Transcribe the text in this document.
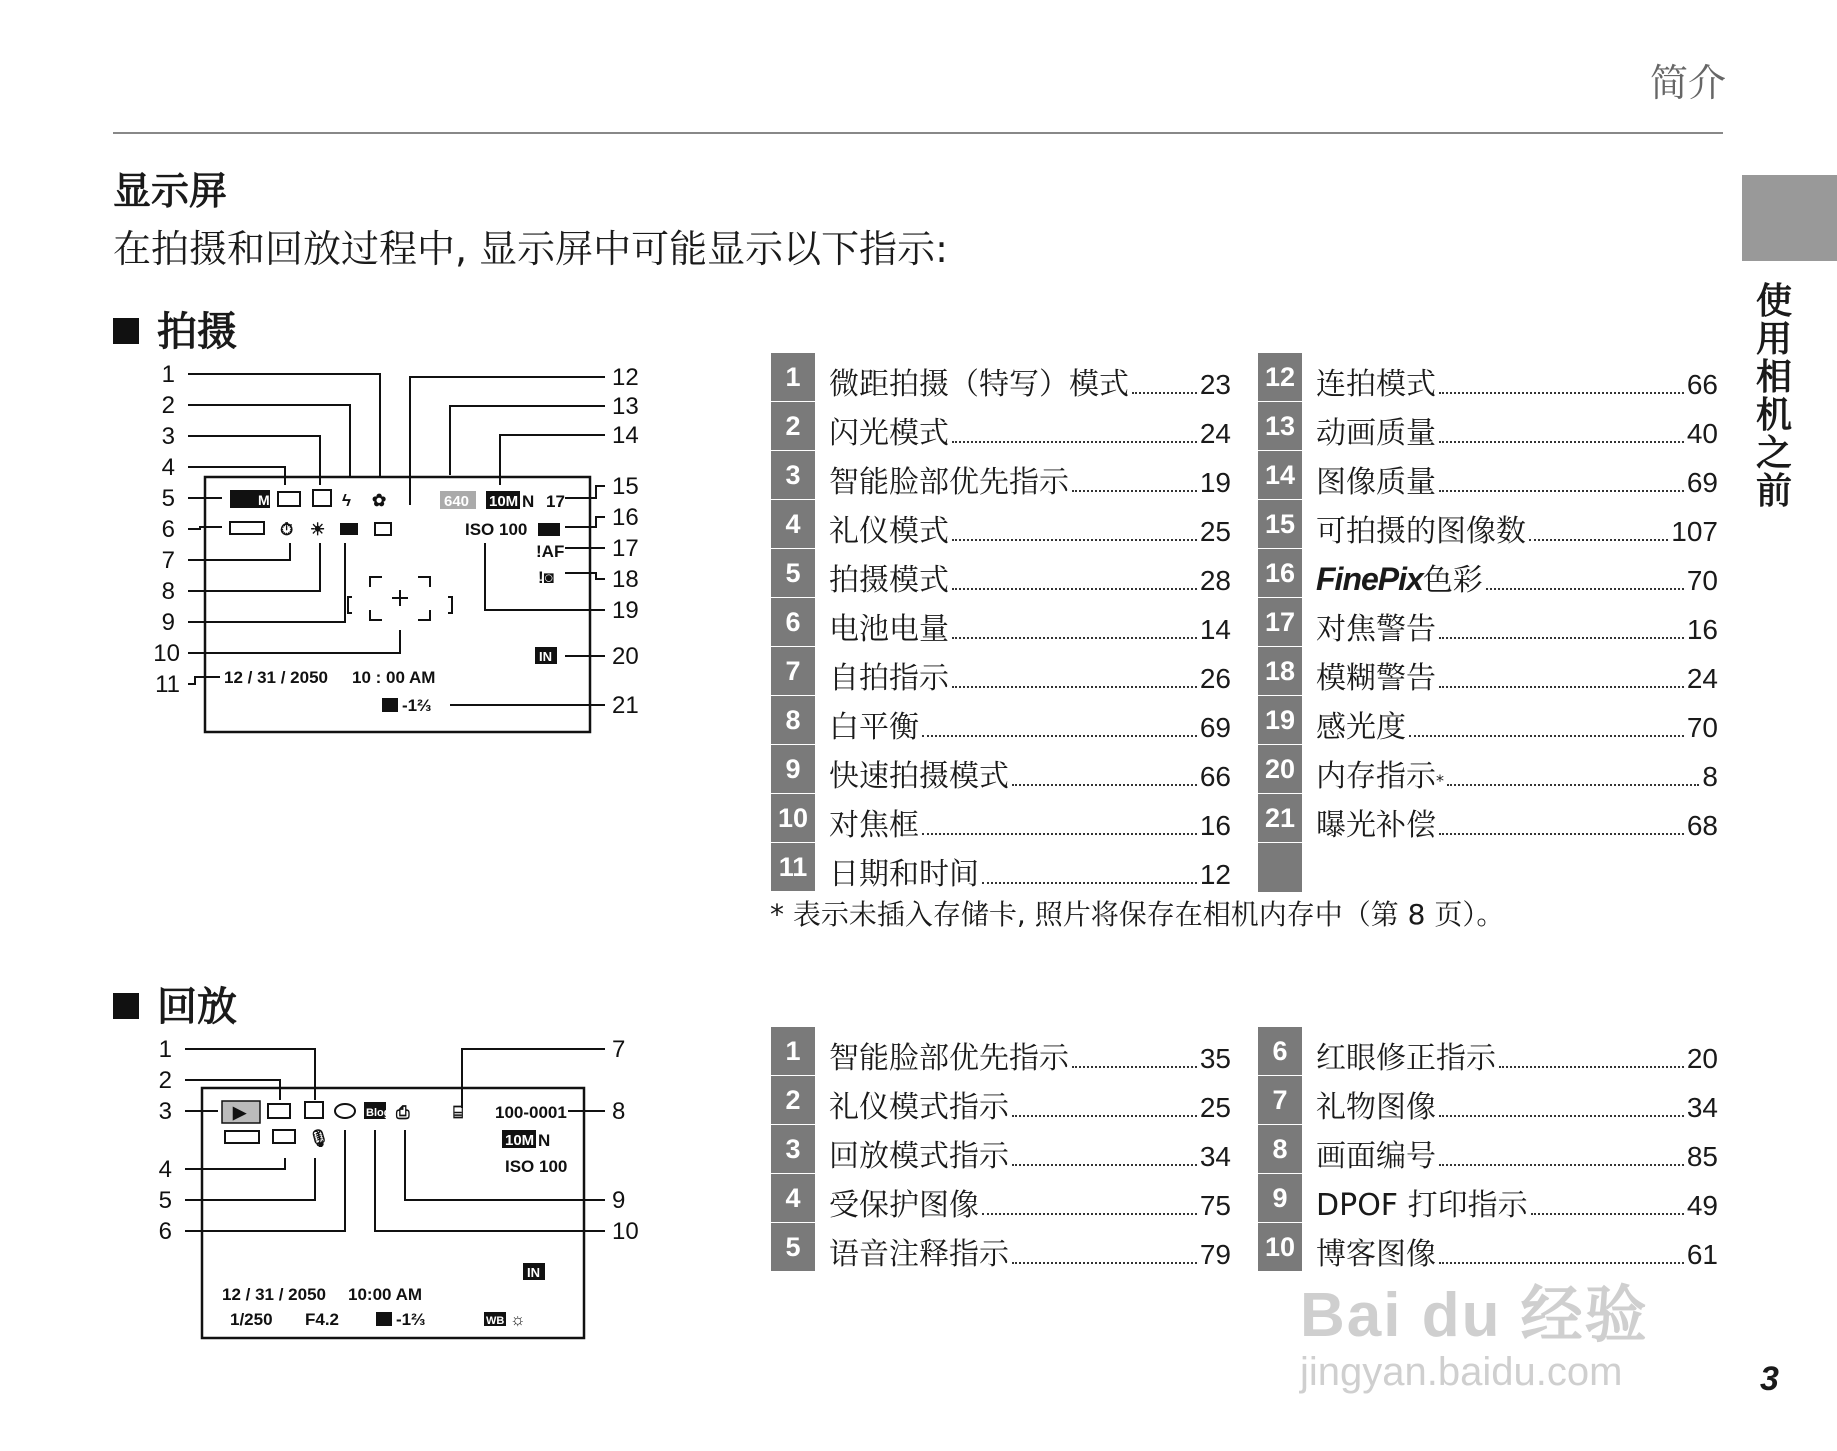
简介
使用相机之前
显示屏
在拍摄和回放过程中, 显示屏中可能显示以下指示:
拍摄
1
2
3
4
5
6
7
8
9
10
11
12
13
14
15
16
17
18
19
20
21
M	ϟ ✿
⏱ ☀
640 10M N 17
ISO 100
!AF
!◙
IN
12 / 31 / 2050 10 : 00 AM
-1⅔
1 微距拍摄（特写）模式	23
2 闪光模式	24
3 智能脸部优先指示	19
4 礼仪模式	25
5 拍摄模式	28
6 电池电量	14
7 自拍指示	26
8 白平衡	69
9 快速拍摄模式	66
10 对焦框	16
11 日期和时间	12
12 连拍模式	66
13 动画质量	40
14 图像质量	69
15 可拍摄的图像数	107
16 FinePix 色彩	70
17 对焦警告	16
18 模糊警告	24
19 感光度	70
20 内存指示$_*$	8
21 曝光补偿	68
* 表示未插入存储卡, 照片将保存在相机内存中（第 8 页）。
回放
1
2
3
4
5
6
7
8
9
10
▶	Blog ⎙	⌸ 100-0001
🎙	10M N
ISO 100
IN
12 / 31 / 2050 10:00 AM
1/250 F4.2	-1⅔	WB ☼
1 智能脸部优先指示	35
2 礼仪模式指示	25
3 回放模式指示	34
4 受保护图像	75
5 语音注释指示	79
6 红眼修正指示	20
7 礼物图像	34
8 画面编号	85
9 DPOF 打印指示	49
10 博客图像	61
Bai du 经验
jingyan.baidu.com	3
